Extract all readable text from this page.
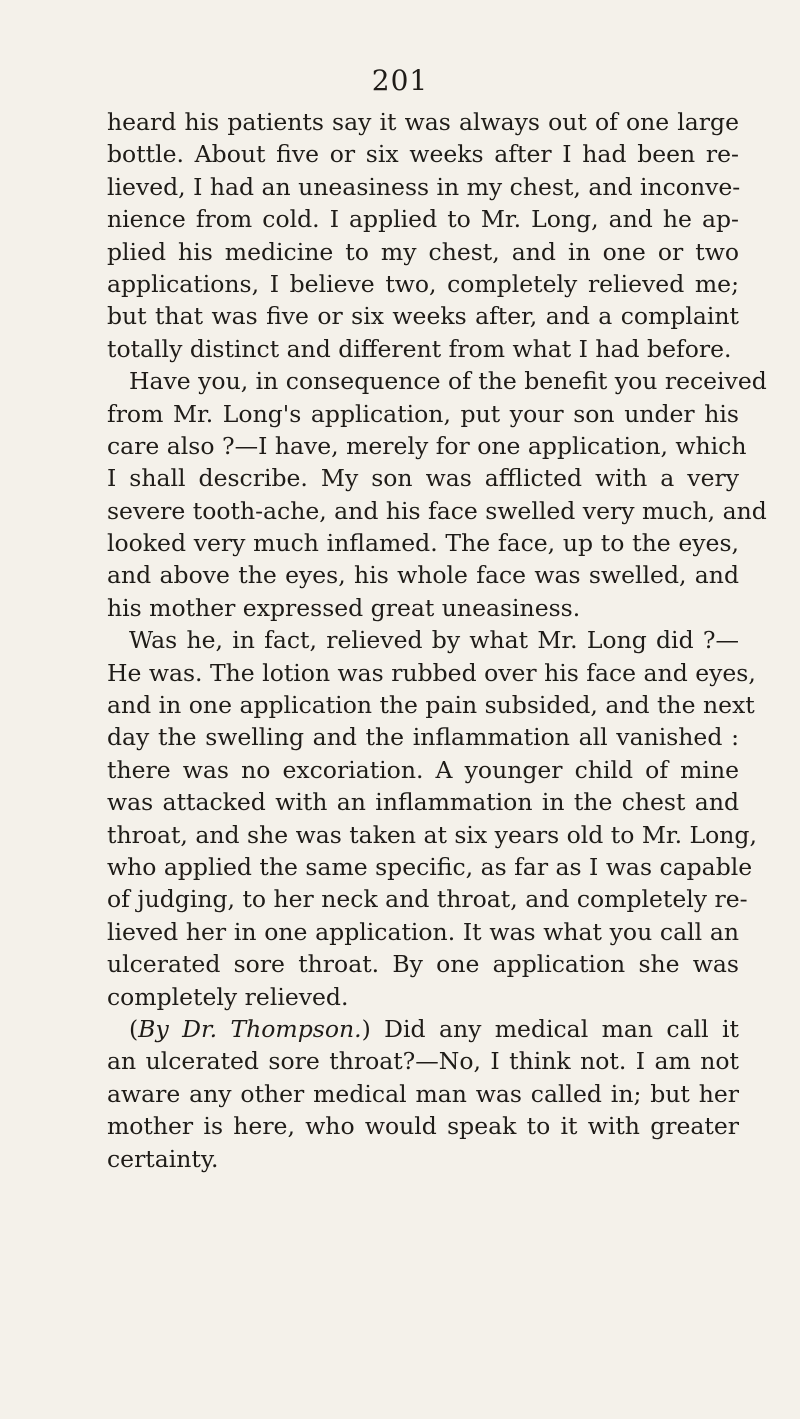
201
heard his patients say it was always out of one large
bottle. About five or six weeks after I had been re-
lieved, I had an uneasiness in my chest, and inconve-
nience from cold. I applied to Mr. Long, and he ap-
plied his medicine to my chest, and in one or two
applications, I believe two, completely relieved me;
but that was five or six weeks after, and a complaint
totally distinct and different from what I had before.
Have you, in consequence of the benefit you received
from Mr. Long's application, put your son under his
care also ?—I have, merely for one application, which
I shall describe. My son was afflicted with a very
severe tooth-ache, and his face swelled very much, and
looked very much inflamed. The face, up to the eyes,
and above the eyes, his whole face was swelled, and
his mother expressed great uneasiness.
Was he, in fact, relieved by what Mr. Long did ?—
He was. The lotion was rubbed over his face and eyes,
and in one application the pain subsided, and the next
day the swelling and the inflammation all vanished :
there was no excoriation. A younger child of mine
was attacked with an inflammation in the chest and
throat, and she was taken at six years old to Mr. Long,
who applied the same specific, as far as I was capable
of judging, to her neck and throat, and completely re-
lieved her in one application. It was what you call an
ulcerated sore throat. By one application she was
completely relieved.
(By Dr. Thompson.) Did any medical man call it
an ulcerated sore throat?—No, I think not. I am not
aware any other medical man was called in; but her
mother is here, who would speak to it with greater
certainty.
